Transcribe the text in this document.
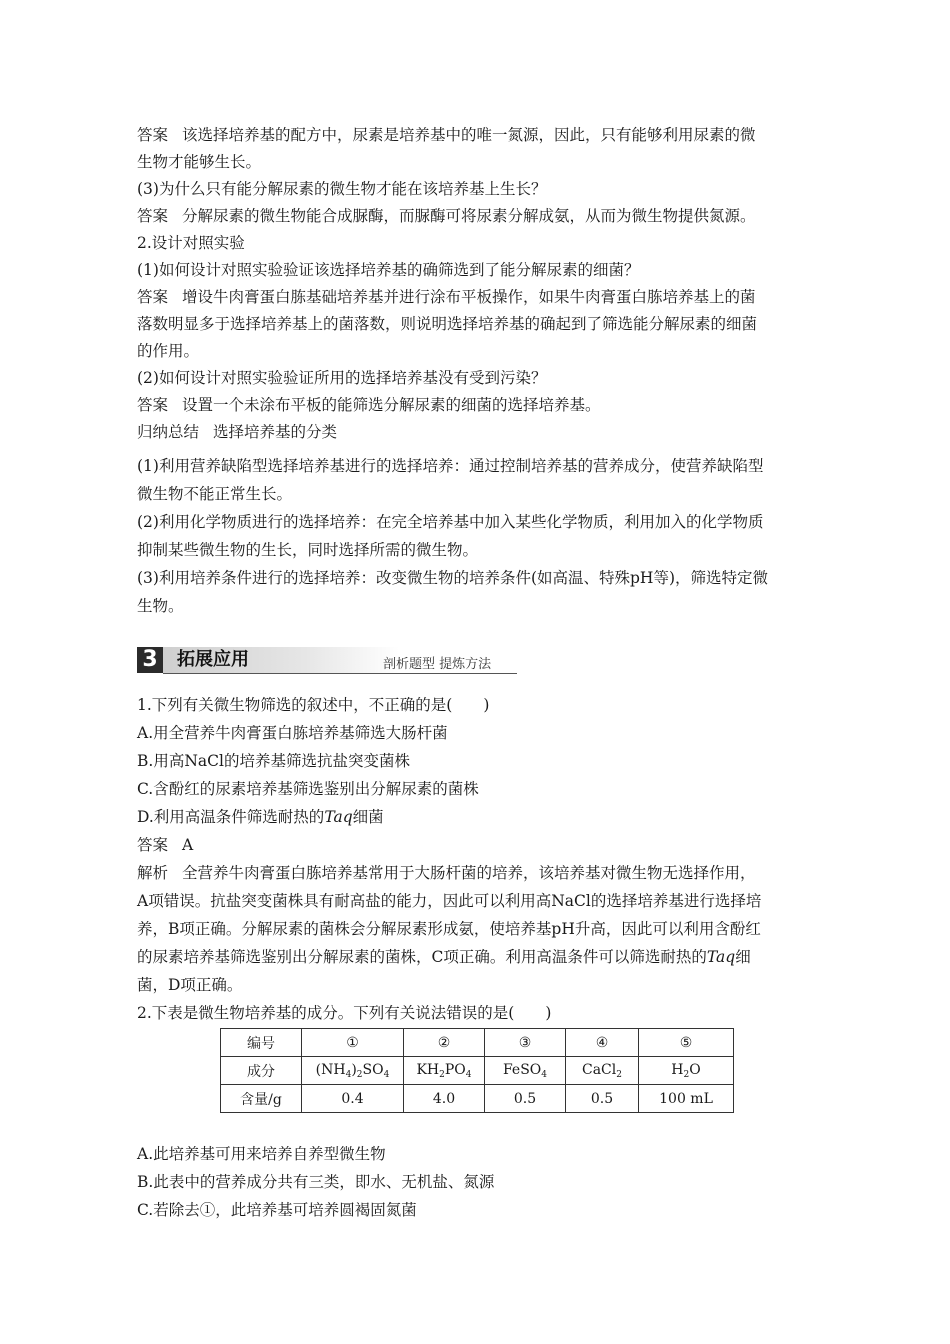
答案 该选择培养基的配方中，尿素是培养基中的唯一氮源，因此，只有能够利用尿素的微
生物才能够生长。
(3)为什么只有能分解尿素的微生物才能在该培养基上生长？
答案 分解尿素的微生物能合成脲酶，而脲酶可将尿素分解成氨，从而为微生物提供氮源。
2.设计对照实验
(1)如何设计对照实验验证该选择培养基的确筛选到了能分解尿素的细菌？
答案 增设牛肉膏蛋白胨基础培养基并进行涂布平板操作，如果牛肉膏蛋白胨培养基上的菌
落数明显多于选择培养基上的菌落数，则说明选择培养基的确起到了筛选能分解尿素的细菌
的作用。
(2)如何设计对照实验验证所用的选择培养基没有受到污染？
答案 设置一个未涂布平板的能筛选分解尿素的细菌的选择培养基。
归纳总结 选择培养基的分类
(1)利用营养缺陷型选择培养基进行的选择培养：通过控制培养基的营养成分，使营养缺陷型
微生物不能正常生长。
(2)利用化学物质进行的选择培养：在完全培养基中加入某些化学物质，利用加入的化学物质
抑制某些微生物的生长，同时选择所需的微生物。
(3)利用培养条件进行的选择培养：改变微生物的培养条件(如高温、特殊pH等)，筛选特定微
生物。
3 拓展应用	剖析题型 提炼方法
1.下列有关微生物筛选的叙述中，不正确的是(　　)
A.用全营养牛肉膏蛋白胨培养基筛选大肠杆菌
B.用高NaCl的培养基筛选抗盐突变菌株
C.含酚红的尿素培养基筛选鉴别出分解尿素的菌株
D.利用高温条件筛选耐热的Taq细菌
答案 A
解析 全营养牛肉膏蛋白胨培养基常用于大肠杆菌的培养，该培养基对微生物无选择作用，
A项错误。抗盐突变菌株具有耐高盐的能力，因此可以利用高NaCl的选择培养基进行选择培
养，B项正确。分解尿素的菌株会分解尿素形成氨，使培养基pH升高，因此可以利用含酚红
的尿素培养基筛选鉴别出分解尿素的菌株，C项正确。利用高温条件可以筛选耐热的Taq细
菌，D项正确。
2.下表是微生物培养基的成分。下列有关说法错误的是(　　)
编号	①	②	③	④	⑤
成分	$(NH_4)_2SO_4$	$KH_2PO_4$	FeSO$_4$	CaCl$_2$	$H_2O$
含量/g	0.4	4.0	0.5	0.5	100 mL
A.此培养基可用来培养自养型微生物
B.此表中的营养成分共有三类，即水、无机盐、氮源
C.若除去①，此培养基可培养圆褐固氮菌
